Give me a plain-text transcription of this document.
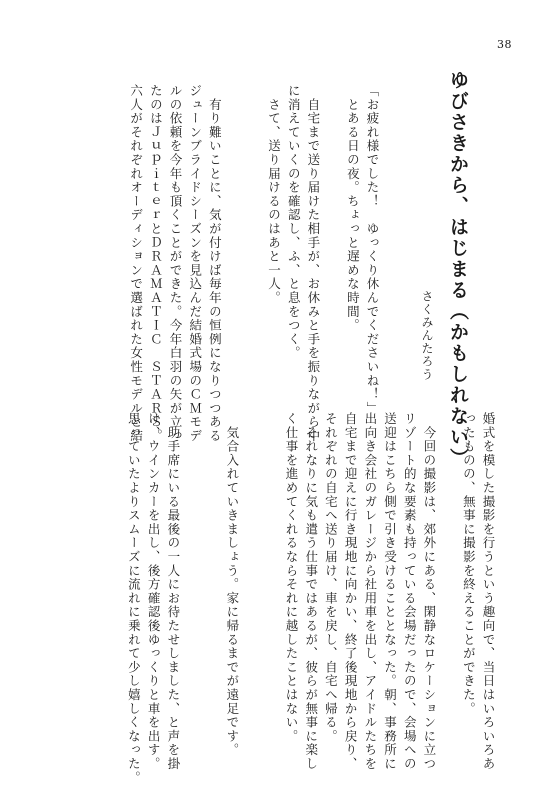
38
ゆびさきから、はじまる（かもしれない）
さくみんたろう
「お疲れ様でした！　ゆっくり休んでくださいね！」
　とある日の夜。ちょっと遅めな時間。
　自宅まで送り届けた相手が、お休みと手を振りながら中
に消えていくのを確認し、ふ、と息をつく。
　さて、送り届けるのはあと一人。
　有り難いことに、気が付けば毎年の恒例になりつつある
ジューンブライドシーズンを見込んだ結婚式場のＣＭモデ
ルの依頼を今年も頂くことができた。今年白羽の矢が立っ
たのはＪｕｐｉｔｅｒとＤＲＡＭＡＴＩＣ　ＳＴＡＲＳ。
六人がそれぞれオーディションで選ばれた女性モデルと結
婚式を模した撮影を行うという趣向で、当日はいろいろあ
ったものの、無事に撮影を終えることができた。
　今回の撮影は、郊外にある、閑静なロケーションに立つ
リゾート的な要素も持っている会場だったので、会場への
送迎はこちら側で引き受けることとなった。朝、事務所に
出向き会社のガレージから社用車を出し、アイドルたちを
自宅まで迎えに行き現地に向かい、終了後現地から戻り、
それぞれの自宅へ送り届け、車を戻し、自宅へ帰る。
　それなりに気も遣う仕事ではあるが、彼らが無事に楽し
く仕事を進めてくれるならそれに越したことはない。
　気合入れていきましょう。家に帰るまでが遠足です。
　助手席にいる最後の一人にお待たせしました、と声を掛
け、ウインカーを出し、後方確認後ゆっくりと車を出す。
思っていたよりスムーズに流れに乗れて少し嬉しくなった。
